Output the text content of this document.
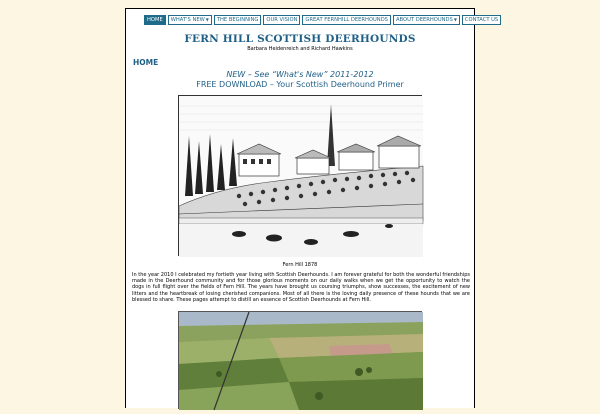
HOME WHAT'S NEW ▼ THE BEGINNING OUR VISION GREAT FERNHILL DEERHOUNDS ABOUT DEERHOUNDS ▼ CONTACT US
FERN HILL SCOTTISH DEERHOUNDS
Barbara Heidenreich and Richard Hawkins
HOME
NEW – See “What's New” 2011-2012
FREE DOWNLOAD – Your Scottish Deerhound Primer
Fern Hill 1878
In the year 2010 I celebrated my fortieth year living with Scottish Deerhounds. I am forever grateful for both the wonderful friendships made in the Deerhound community and for those glorious moments on our daily walks when we get the opportunity to watch the dogs in full flight over the fields of Fern Hill. The years have brought us coursing triumphs, show successes, the excitement of new litters and the heartbreak of losing cherished companions. Most of all there is the loving daily presence of these hounds that we are blessed to share. These pages attempt to distill an essence of Scottish Deerhounds at Fern Hill.
